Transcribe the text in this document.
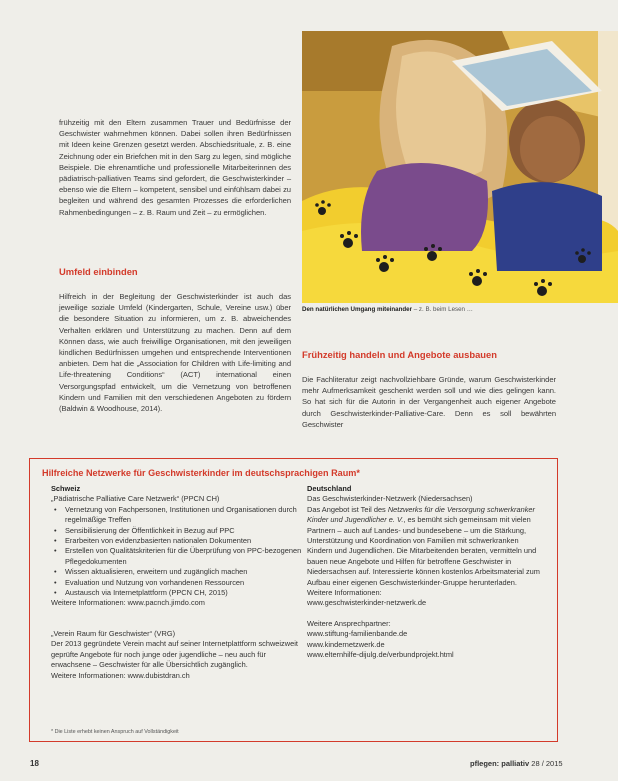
Den natürlichen Umgang miteinander – z. B. beim Lesen …

frühzeitig mit den Eltern zusammen Trauer und Bedürfnisse der Geschwister wahrnehmen können. Dabei sollen ihren Bedürfnissen mit Ideen keine Grenzen gesetzt werden. Abschiedsrituale, z. B. eine Zeichnung oder ein Briefchen mit in den Sarg zu legen, sind mögliche Beispiele. Die ehrenamtliche und professionelle Mitarbeiterinnen des pädiatrisch-palliativen Teams sind gefordert, die Geschwisterkinder – ebenso wie die Eltern – kompetent, sensibel und einfühlsam dabei zu begleiten und während des gesamten Prozesses die erforderlichen Rahmenbedingungen – z. B. Raum und Zeit – zu ermöglichen.

Umfeld einbinden

Hilfreich in der Begleitung der Geschwisterkinder ist auch das jeweilige soziale Umfeld (Kindergarten, Schule, Vereine usw.) über die besondere Situation zu informieren, um z. B. abweichendes Verhalten erklären und Unterstützung zu machen. Denn auf dem Können dass, wie auch freiwillige Organisationen, mit den jeweiligen kindlichen Bedürfnissen umgehen und entsprechende Interventionen anbieten. Dem hat die „Association for Children with Life-limiting and Life-threatening Conditions“ (ACT) international einen Versorgungspfad entwickelt, um die Vernetzung von betroffenen Kindern und Familien mit den verschiedenen Angeboten zu fördern (Baldwin & Woodhouse, 2014).

Frühzeitig handeln und Angebote ausbauen

Die Fachliteratur zeigt nachvollziehbare Gründe, warum Geschwisterkinder mehr Aufmerksamkeit geschenkt werden soll und wie dies gelingen kann. So hat sich für die Autorin in der Vergangenheit auch eigener Angebote durch Geschwisterkinder-Palliative-Care. Denn es soll bewährten Geschwister

Hilfreiche Netzwerke für Geschwisterkinder im deutschsprachigen Raum*
Schweiz
„Pädiatrische Palliative Care Netzwerk“ (PPCN CH)
• Vernetzung von Fachpersonen, Institutionen und Organisationen durch regelmäßige Treffen
• Sensibilisierung der Öffentlichkeit in Bezug auf PPC
• Erarbeiten von evidenzbasierten nationalen Dokumenten
• Erstellen von Qualitätskriterien für die Überprüfung von PPC-bezogenen Pflegedokumenten
• Wissen aktualisieren, erweitern und zugänglich machen
• Evaluation und Nutzung von vorhandenen Ressourcen
• Austausch via Internetplattform (PPCN CH, 2015)
Weitere Informationen: www.pacnch.jimdo.com
„Verein Raum für Geschwister“ (VRG)
Der 2013 gegründete Verein macht auf seiner Internetplattform schweizweit geprüfte Angebote für noch junge oder jugendliche – neu auch für erwachsene – Geschwister für alle Übersichtlich zugänglich.
Weitere Informationen: www.dubistdran.ch
Deutschland
Das Geschwisterkinder-Netzwerk (Niedersachsen)
Das Angebot ist Teil des Netzwerks für die Versorgung schwerkranker Kinder und Jugendlicher e. V., es bemüht sich gemeinsam mit vielen Partnern – auch auf Landes- und bundesebene – um die Stärkung, Unterstützung und Koordination von Familien mit schwerkranken Kindern und Jugendlichen. Die Mitarbeitenden beraten, vermitteln und bauen neue Angebote und Hilfen für betroffene Geschwister in Niedersachsen auf. Interessierte können kostenlos Arbeitsmaterial zum Aufbau einer eigenen Geschwisterkinder-Gruppe herunterladen.
Weitere Informationen:
www.geschwisterkinder-netzwerk.de
Weitere Ansprechpartner:
www.stiftung-familienbande.de
www.kindernetzwerk.de
www.elternhilfe-dijulg.de/verbundprojekt.html
* Die Liste erhebt keinen Anspruch auf Vollständigkeit
18	pflegen: palliativ 28 / 2015
